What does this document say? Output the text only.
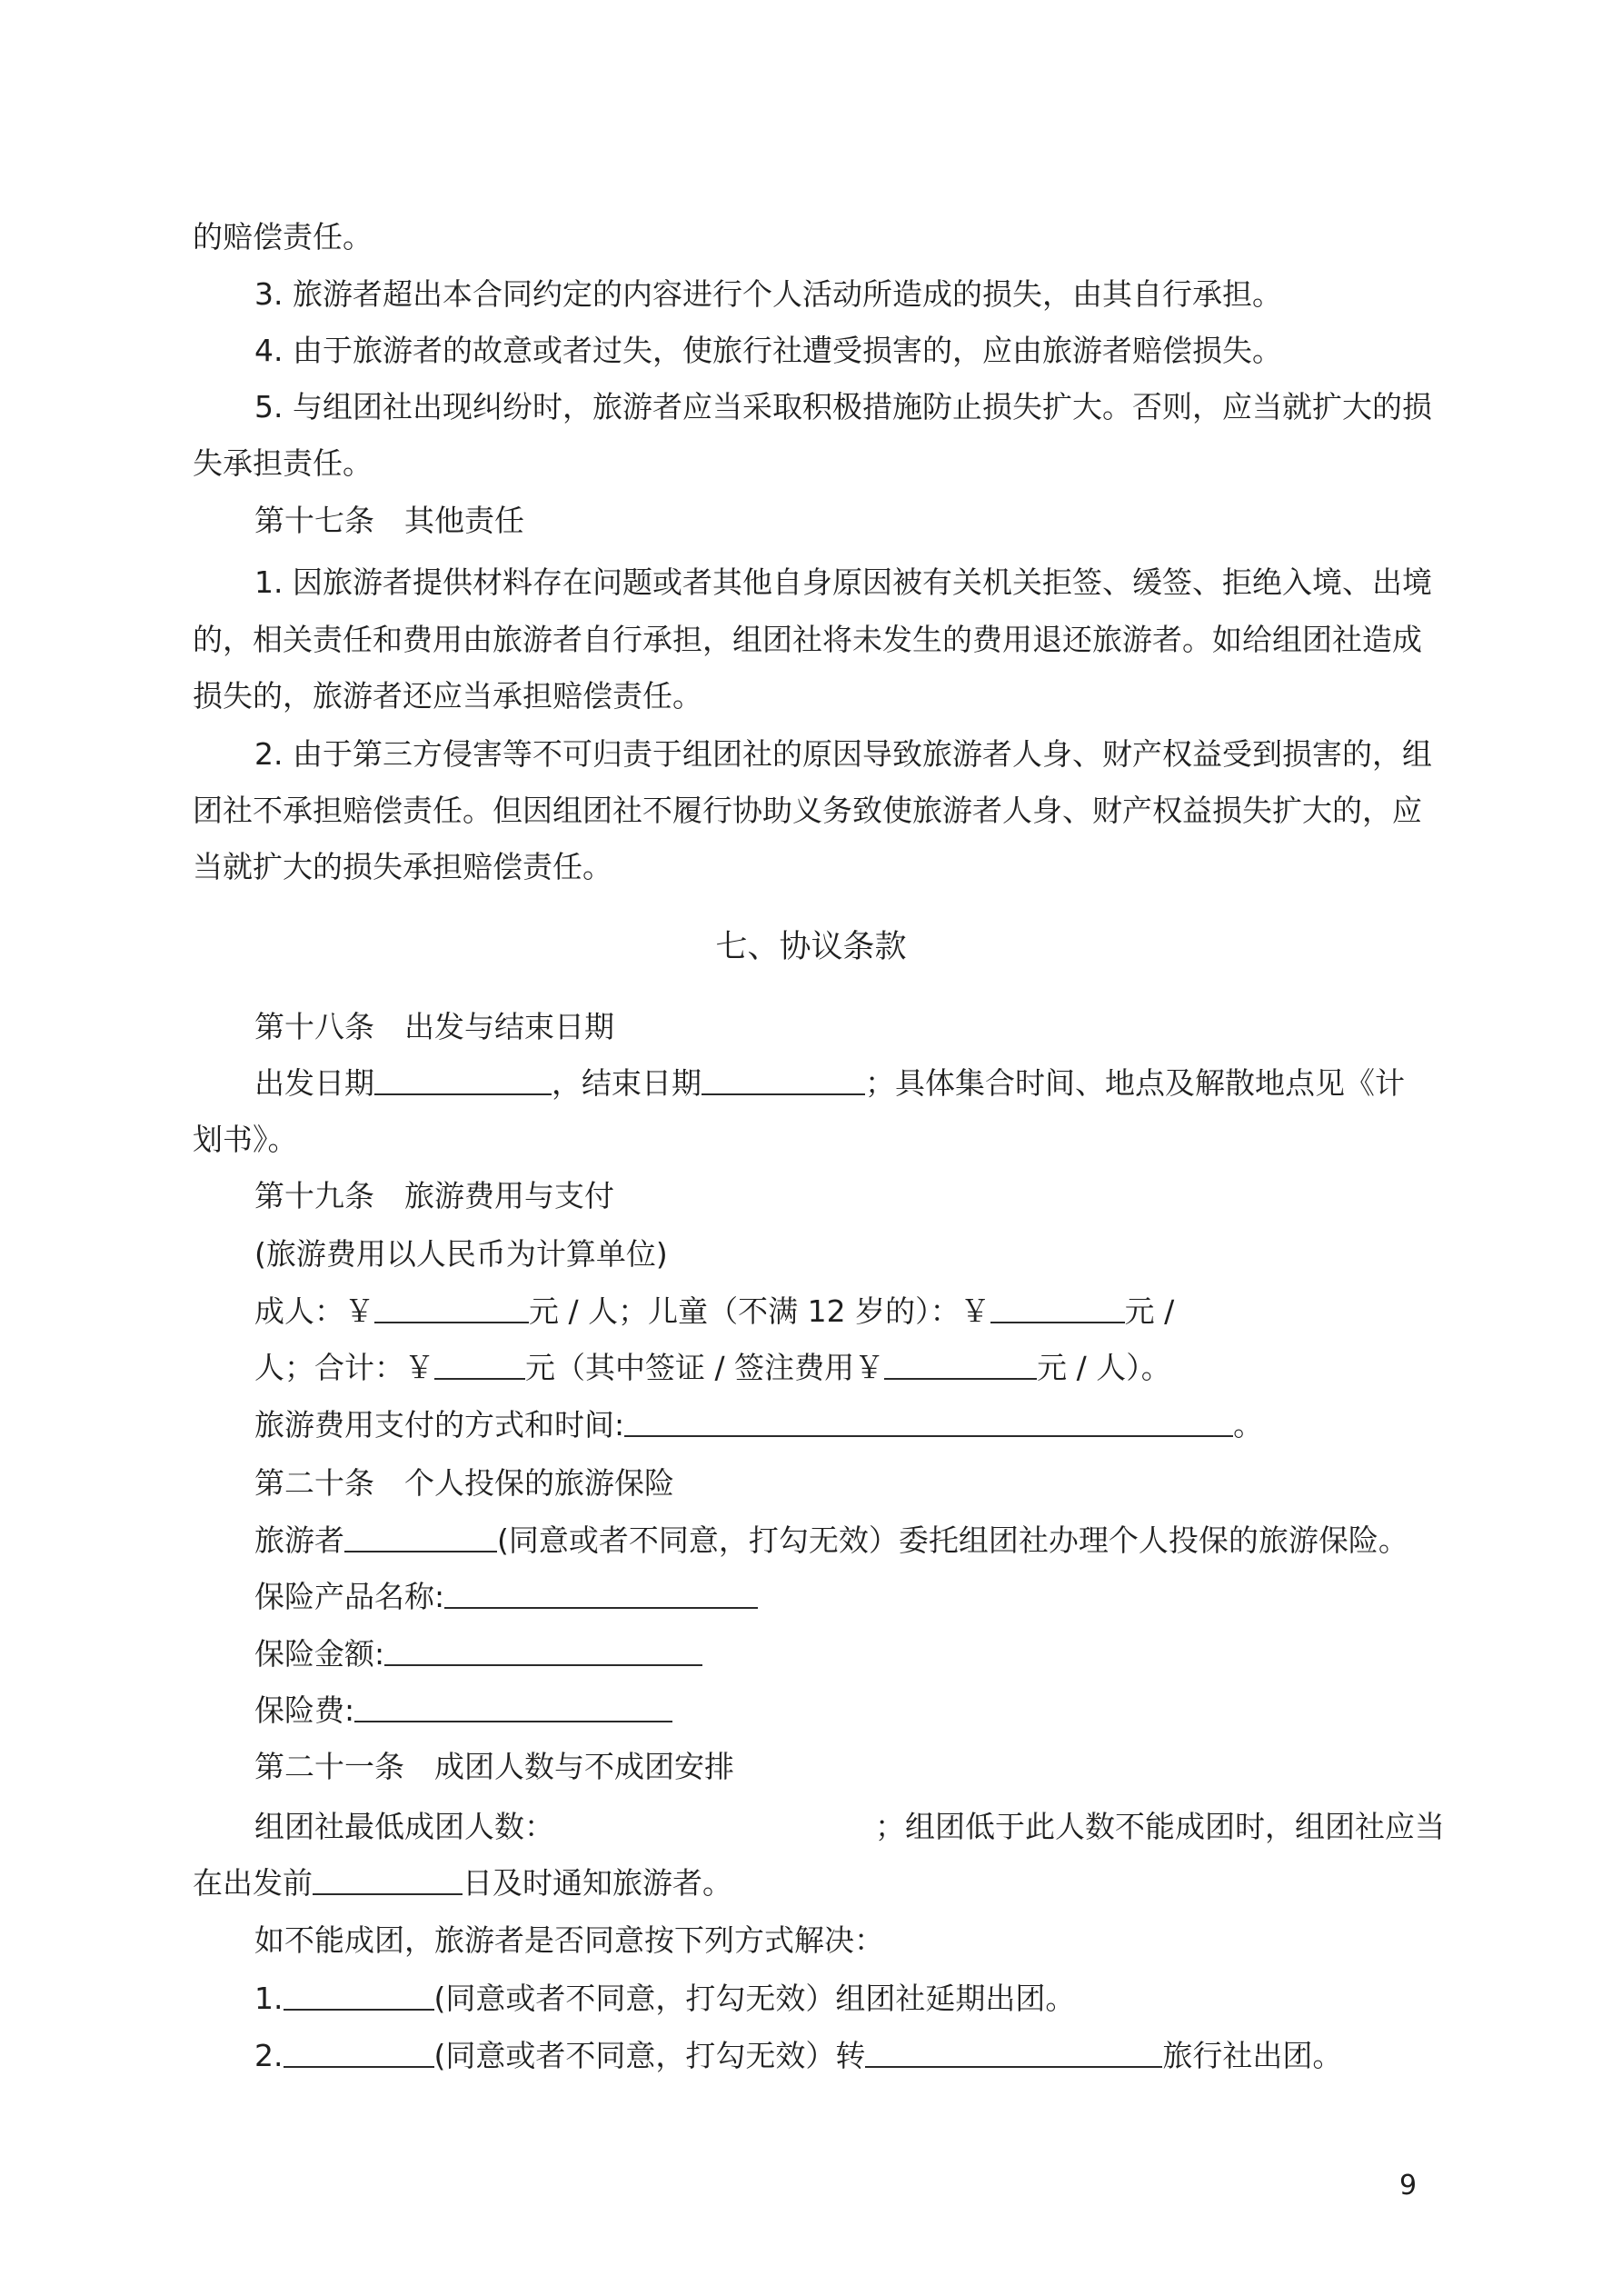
的赔偿责任。
3. 旅游者超出本合同约定的内容进行个人活动所造成的损失，由其自行承担。
4. 由于旅游者的故意或者过失，使旅行社遭受损害的，应由旅游者赔偿损失。
5. 与组团社出现纠纷时，旅游者应当采取积极措施防止损失扩大。否则，应当就扩大的损
失承担责任。
第十七条 其他责任
1. 因旅游者提供材料存在问题或者其他自身原因被有关机关拒签、缓签、拒绝入境、出境
的，相关责任和费用由旅游者自行承担，组团社将未发生的费用退还旅游者。如给组团社造成
损失的，旅游者还应当承担赔偿责任。
2. 由于第三方侵害等不可归责于组团社的原因导致旅游者人身、财产权益受到损害的，组
团社不承担赔偿责任。但因组团社不履行协助义务致使旅游者人身、财产权益损失扩大的，应
当就扩大的损失承担赔偿责任。
七、协议条款
第十八条 出发与结束日期
出发日期	，结束日期	；具体集合时间、地点及解散地点见《计
划书》。
第十九条 旅游费用与支付
(旅游费用以人民币为计算单位)
成人：￥	元 / 人；儿童（不满 12 岁的）：￥	元 /
人；合计：￥	元（其中签证 / 签注费用￥	元 / 人）。
旅游费用支付的方式和时间:	。
第二十条 个人投保的旅游保险
旅游者	(同意或者不同意，打勾无效）委托组团社办理个人投保的旅游保险。
保险产品名称:
保险金额:
保险费:
第二十一条 成团人数与不成团安排
组团社最低成团人数：	；组团低于此人数不能成团时，组团社应当
在出发前	日及时通知旅游者。
如不能成团，旅游者是否同意按下列方式解决：
1.	(同意或者不同意，打勾无效）组团社延期出团。
2.	(同意或者不同意，打勾无效）转	旅行社出团。
9
